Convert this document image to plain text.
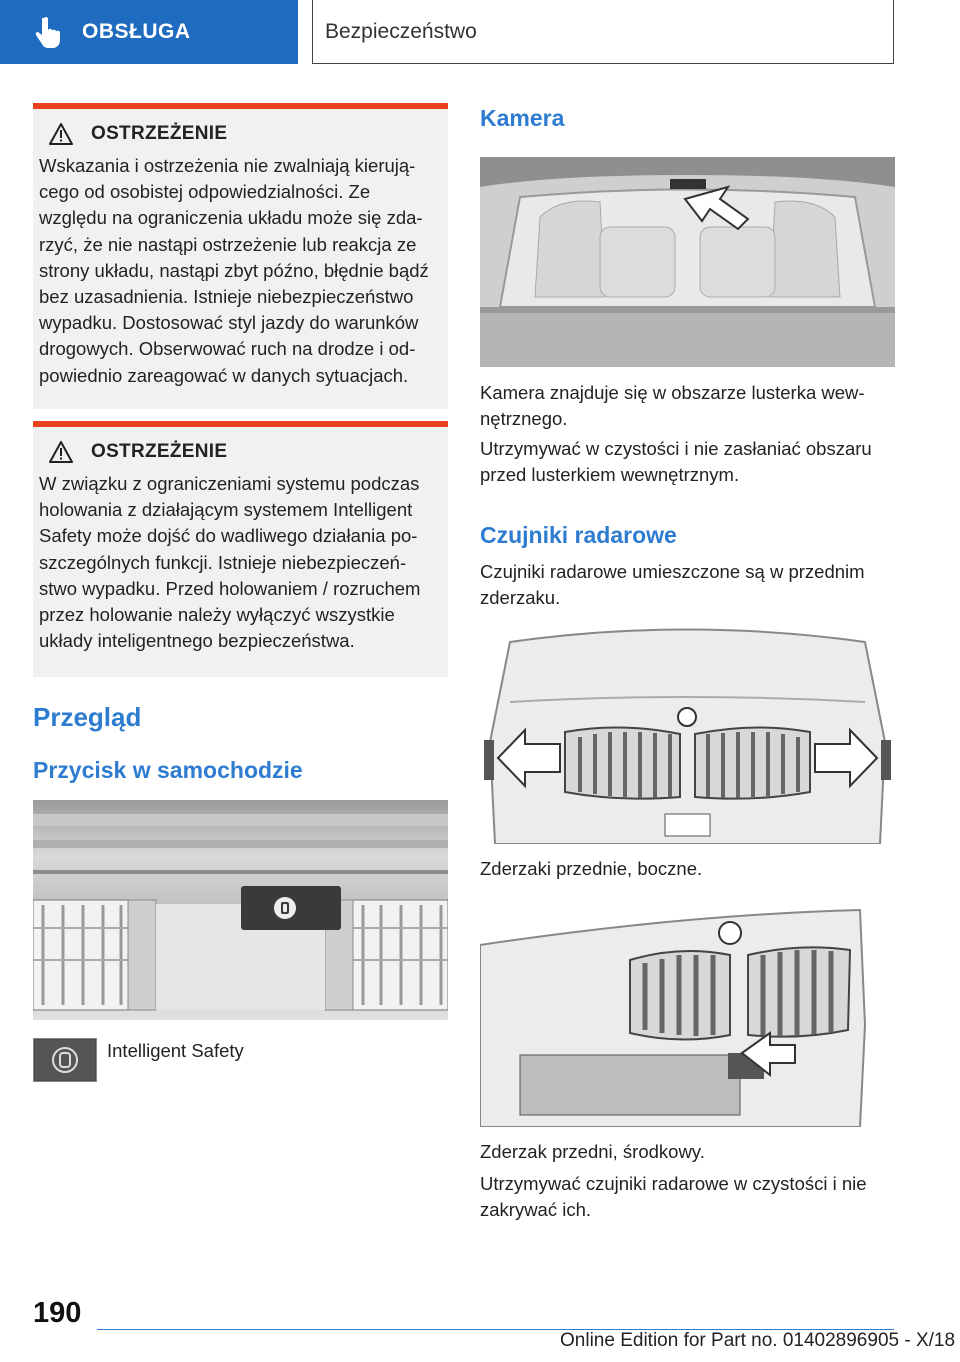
OBSŁUGA	Bezpieczeństwo
OSTRZEŻENIE

Wskazania i ostrzeżenia nie zwalniają kierują-cego od osobistej odpowiedzialności. Ze względu na ograniczenia układu może się zda-rzyć, że nie nastąpi ostrzeżenie lub reakcja ze strony układu, nastąpi zbyt późno, błędnie bądź bez uzasadnienia. Istnieje niebezpieczeństwo wypadku. Dostosować styl jazdy do warunków drogowych. Obserwować ruch na drodze i od-powiednio zareagować w danych sytuacjach.

OSTRZEŻENIE

W związku z ograniczeniami systemu podczas holowania z działającym systemem Intelligent Safety może dojść do wadliwego działania po-szczególnych funkcji. Istnieje niebezpieczeń-stwo wypadku. Przed holowaniem / rozruchem przez holowanie należy wyłączyć wszystkie układy inteligentnego bezpieczeństwa.

Przegląd
Przycisk w samochodzie

Intelligent Safety

Kamera

Kamera znajduje się w obszarze lusterka wew-nętrznego.

Utrzymywać w czystości i nie zasłaniać obszaru przed lusterkiem wewnętrznym.

Czujniki radarowe

Czujniki radarowe umieszczone są w przednim zderzaku.

Zderzaki przednie, boczne.

Zderzak przedni, środkowy.

Utrzymywać czujniki radarowe w czystości i nie zakrywać ich.

190
Online Edition for Part no. 01402896905 - X/18
